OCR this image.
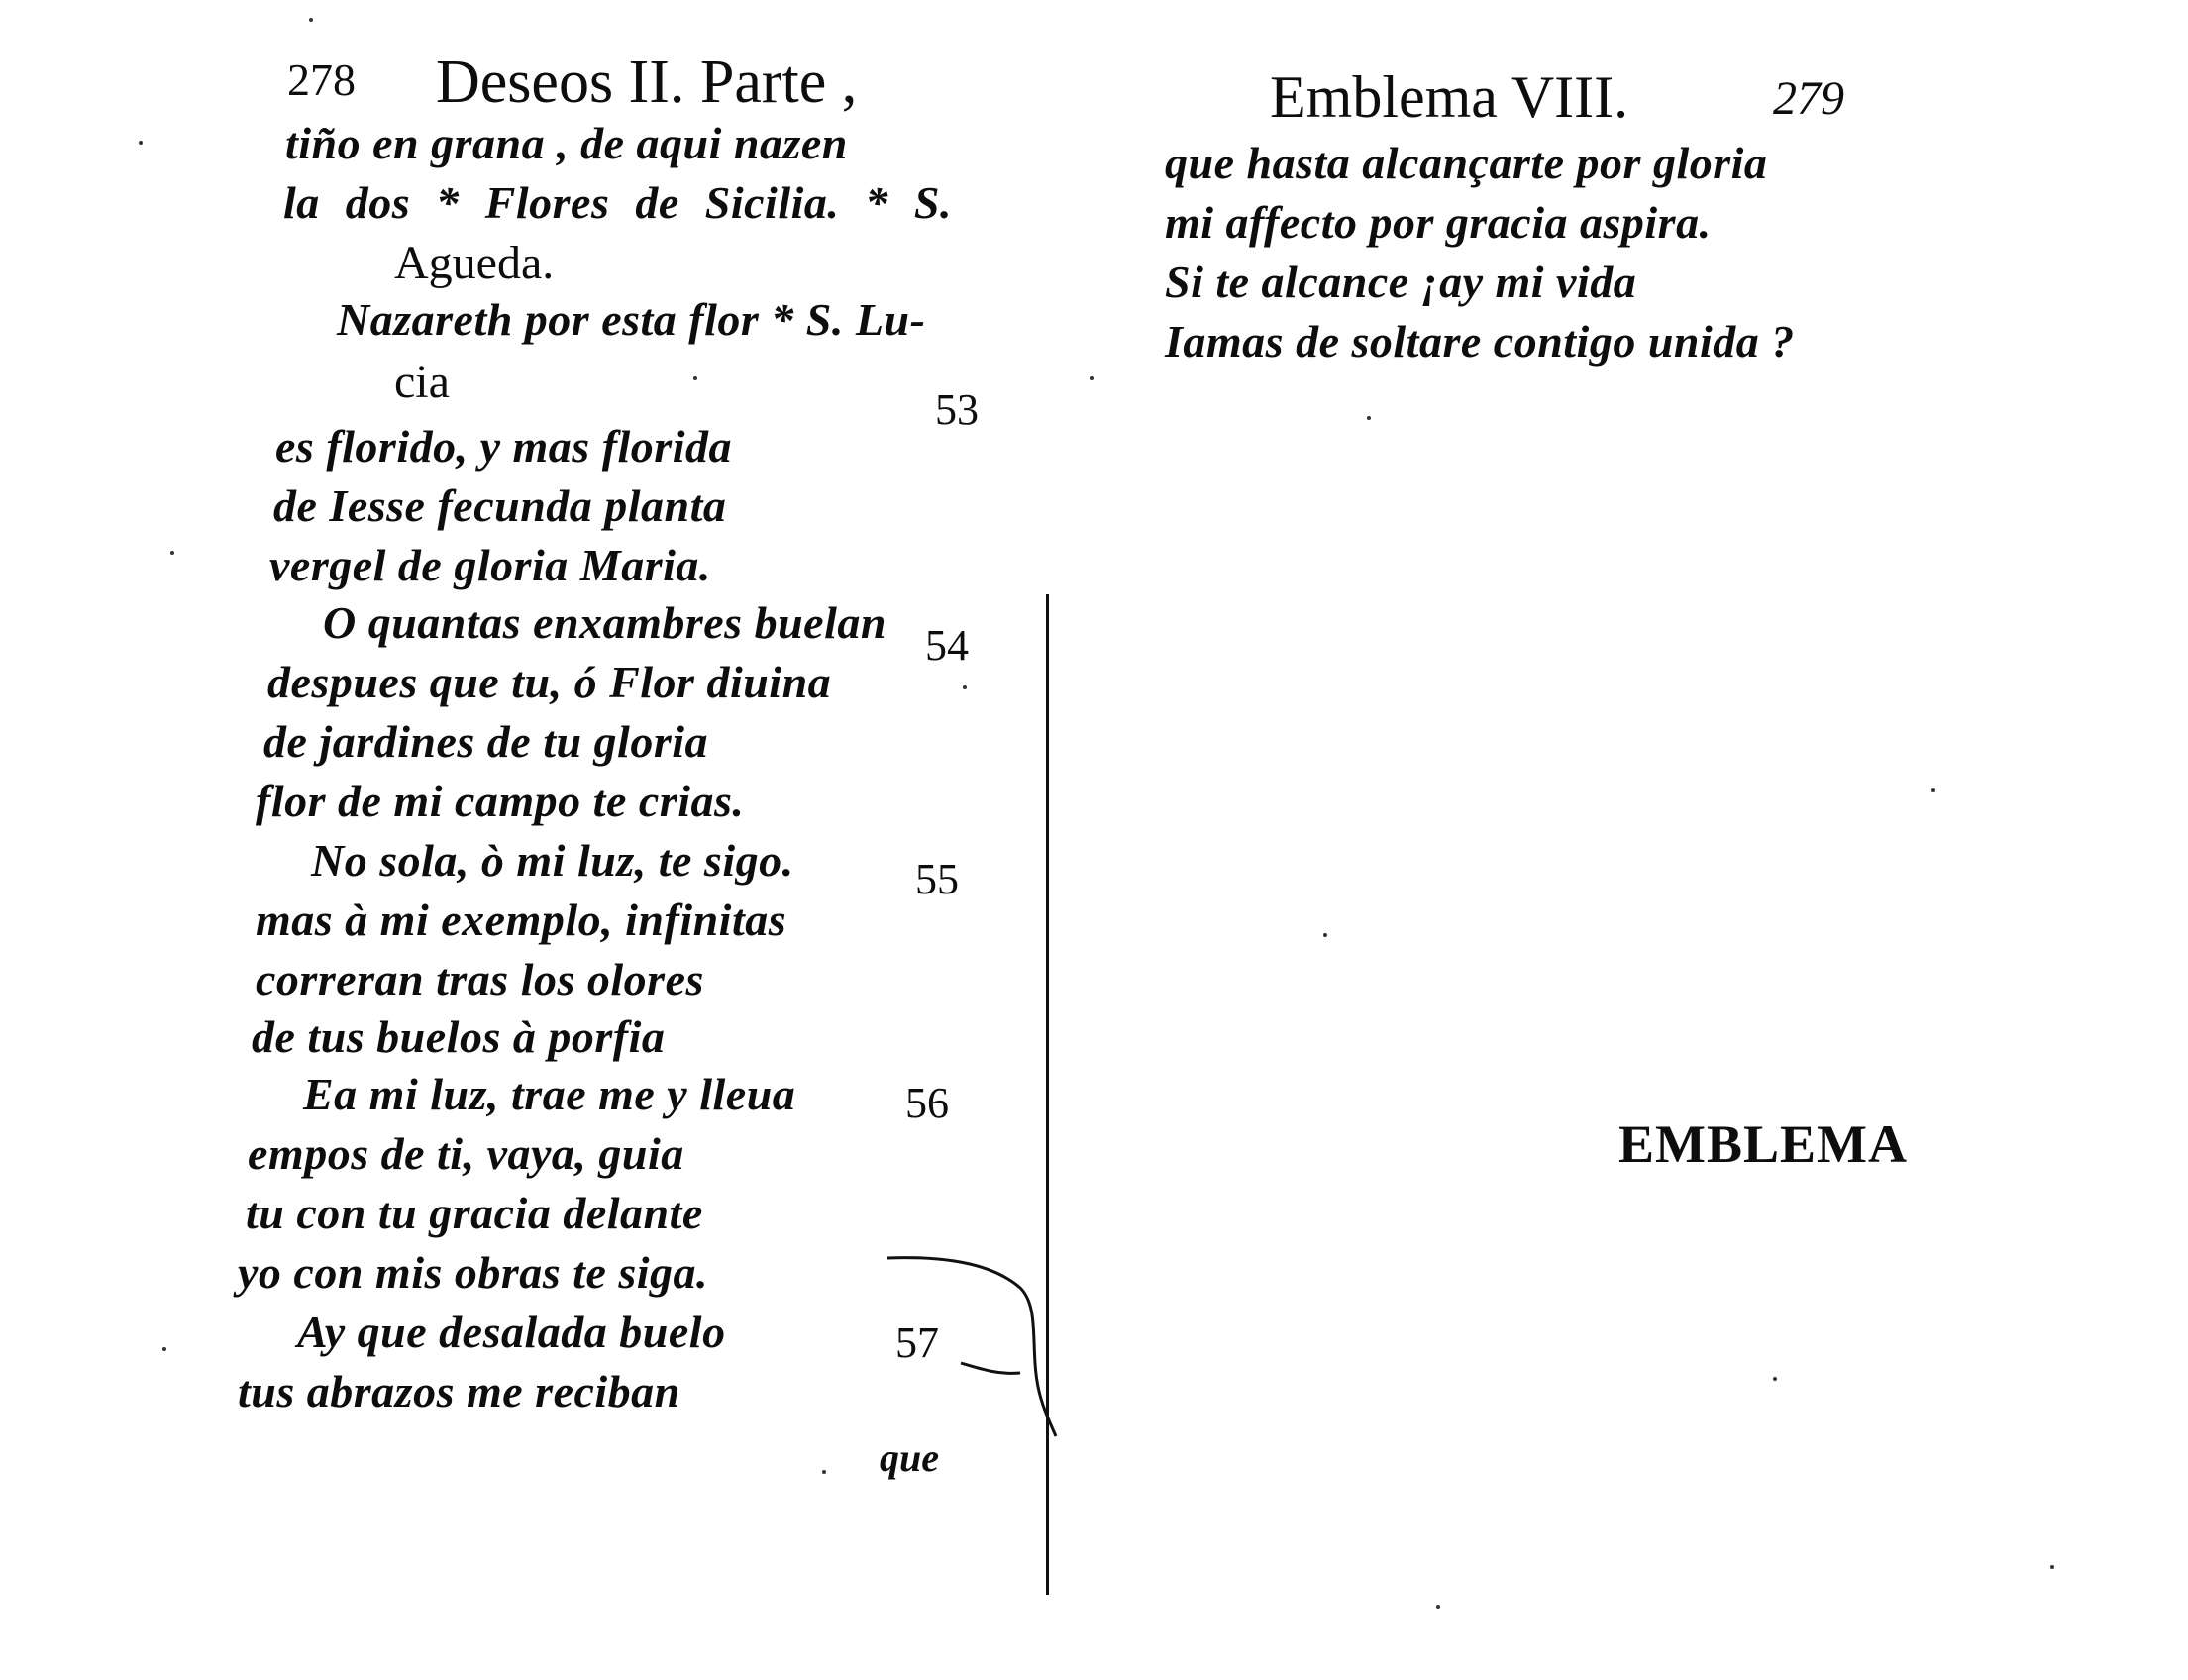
278 Deseos II. Parte ,
tiño en grana , de aqui nazen
la dos * Flores de Sicilia. * S.
Agueda.
Nazareth por esta flor * S. Lu-
cia
53
es florido, y mas florida
de Iesse fecunda planta
vergel de gloria Maria.
O quantas enxambres buelan 54
despues que tu, ó Flor diuina
de jardines de tu gloria
flor de mi campo te crias.
No sola, ò mi luz, te sigo.	55
mas à mi exemplo, infinitas
correran tras los olores
de tus buelos à porfia
Ea mi luz, trae me y lleua	56
empos de ti, vaya, guia
tu con tu gracia delante
yo con mis obras te siga.
Ay que desalada buelo	57
tus abrazos me reciban
que
Emblema VIII.	279
que hasta alcançarte por gloria
mi affecto por gracia aspira.
Si te alcance ¡ay mi vida
Iamas de soltare contigo unida ?
EMBLEMA
